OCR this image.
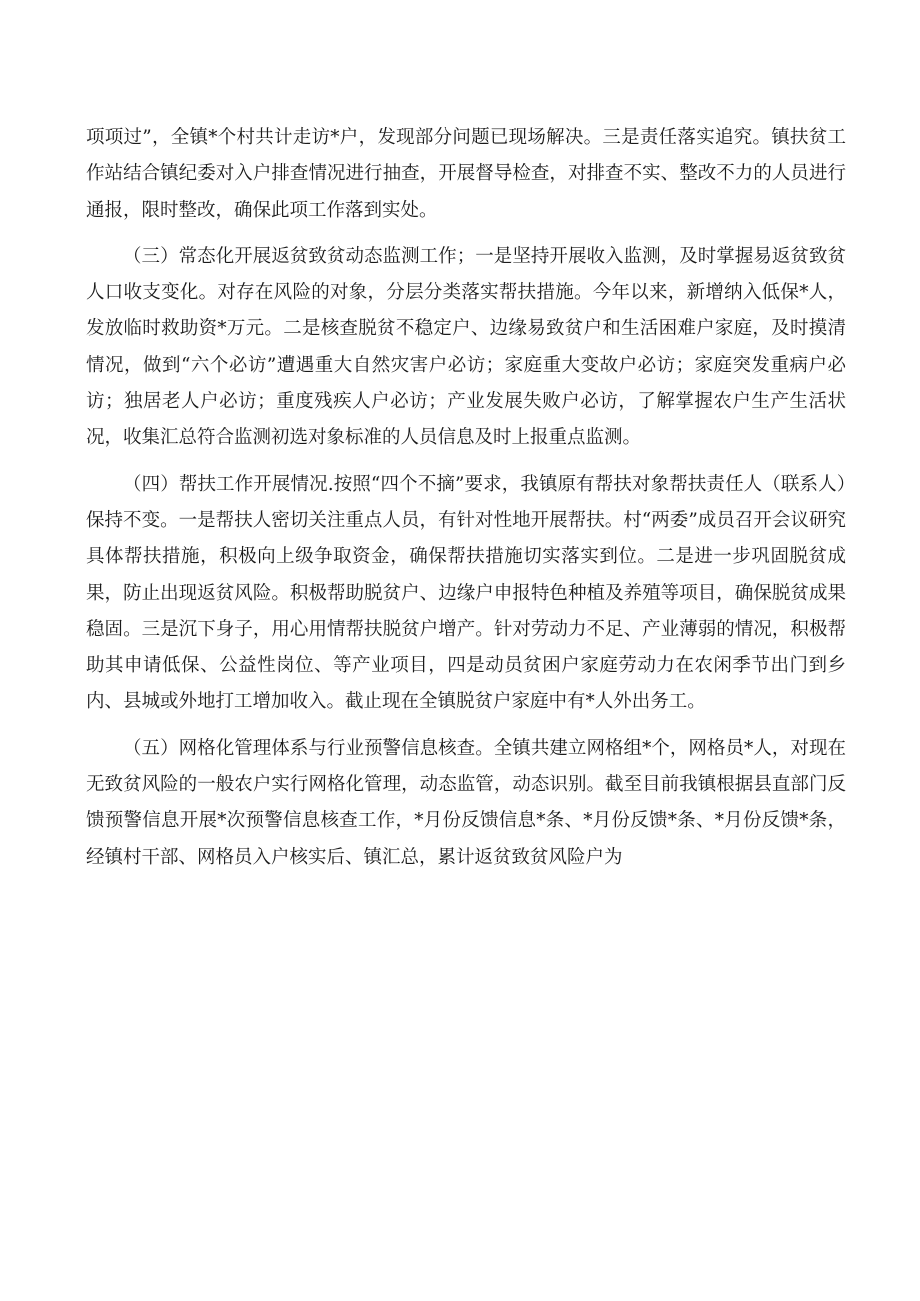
项项过”，全镇*个村共计走访*户，发现部分问题已现场解决。三是责任落实追究。镇扶贫工作站结合镇纪委对入户排查情况进行抽查，开展督导检查，对排查不实、整改不力的人员进行通报，限时整改，确保此项工作落到实处。

（三）常态化开展返贫致贫动态监测工作；一是坚持开展收入监测，及时掌握易返贫致贫人口收支变化。对存在风险的对象，分层分类落实帮扶措施。今年以来，新增纳入低保*人，发放临时救助资*万元。二是核查脱贫不稳定户、边缘易致贫户和生活困难户家庭，及时摸清情况，做到“六个必访”遭遇重大自然灾害户必访；家庭重大变故户必访；家庭突发重病户必访；独居老人户必访；重度残疾人户必访；产业发展失败户必访，了解掌握农户生产生活状况，收集汇总符合监测初选对象标准的人员信息及时上报重点监测。

（四）帮扶工作开展情况.按照“四个不摘”要求，我镇原有帮扶对象帮扶责任人（联系人）保持不变。一是帮扶人密切关注重点人员，有针对性地开展帮扶。村“两委”成员召开会议研究具体帮扶措施，积极向上级争取资金，确保帮扶措施切实落实到位。二是进一步巩固脱贫成果，防止出现返贫风险。积极帮助脱贫户、边缘户申报特色种植及养殖等项目，确保脱贫成果稳固。三是沉下身子，用心用情帮扶脱贫户增产。针对劳动力不足、产业薄弱的情况，积极帮助其申请低保、公益性岗位、等产业项目，四是动员贫困户家庭劳动力在农闲季节出门到乡内、县城或外地打工增加收入。截止现在全镇脱贫户家庭中有*人外出务工。

（五）网格化管理体系与行业预警信息核查。全镇共建立网格组*个，网格员*人，对现在无致贫风险的一般农户实行网格化管理，动态监管，动态识别。截至目前我镇根据县直部门反馈预警信息开展*次预警信息核查工作，*月份反馈信息*条、*月份反馈*条、*月份反馈*条，经镇村干部、网格员入户核实后、镇汇总，累计返贫致贫风险户为
